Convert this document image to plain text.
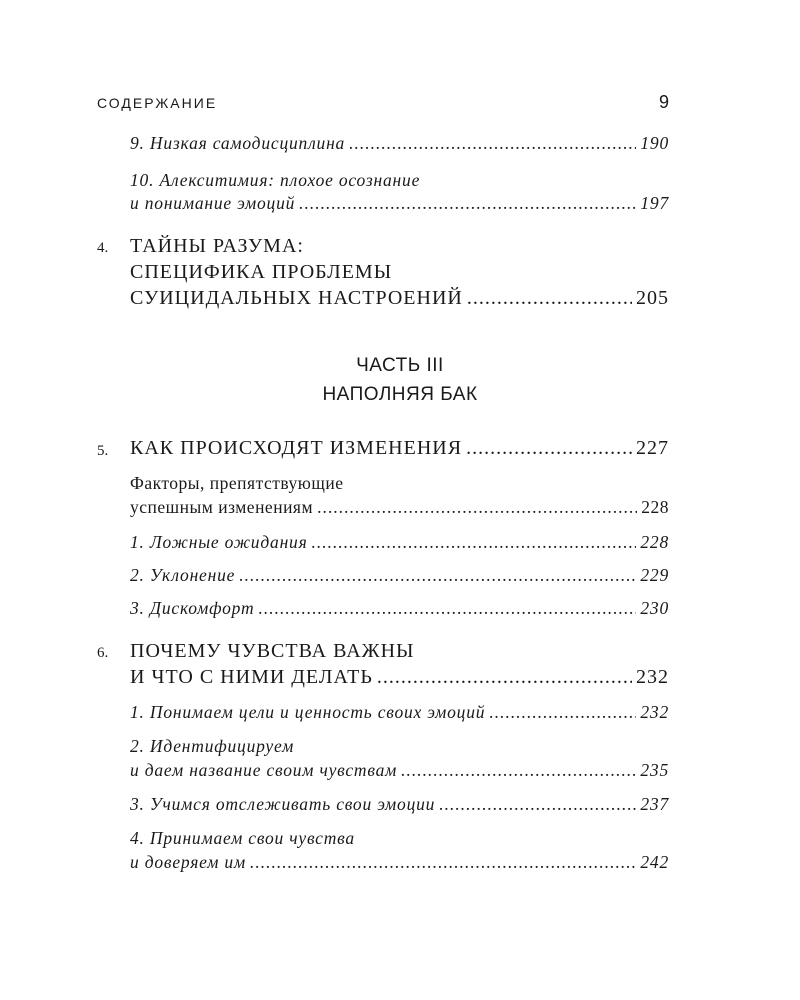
СОДЕРЖАНИЕ	9
9. Низкая самодисциплина .....	190
10. Алекситимия: плохое осознание
и понимание эмоций .....	197
4. ТАЙНЫ РАЗУМА:
СПЕЦИФИКА ПРОБЛЕМЫ
СУИЦИДАЛЬНЫХ НАСТРОЕНИЙ .....	205
ЧАСТЬ III
НАПОЛНЯЯ БАК
5. КАК ПРОИСХОДЯТ ИЗМЕНЕНИЯ .....	227
Факторы, препятствующие
успешным изменениям .....	228
1. Ложные ожидания .....	228
2. Уклонение .....	229
3. Дискомфорт .....	230
6. ПОЧЕМУ ЧУВСТВА ВАЖНЫ
И ЧТО С НИМИ ДЕЛАТЬ .....	232
1. Понимаем цели и ценность своих эмоций .....	232
2. Идентифицируем
и даем название своим чувствам .....	235
3. Учимся отслеживать свои эмоции .....	237
4. Принимаем свои чувства
и доверяем им .....	242
